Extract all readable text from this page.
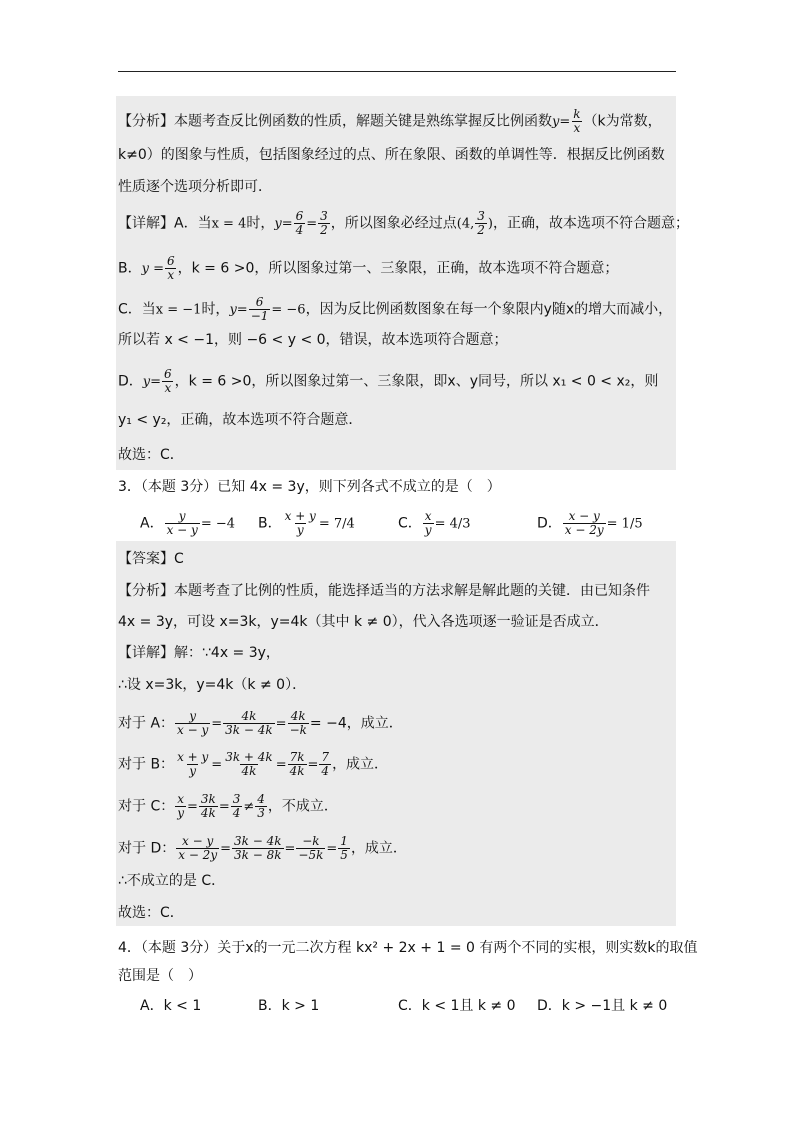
【分析】本题考查反比例函数的性质，解题关键是熟练掌握反比例函数$y= \frac{k}{x} (k$为常数，
k≠0）的图象与性质，包括图象经过的点、所在象限、函数的单调性等．根据反比例函数
性质逐个选项分析即可．
【详解】A．当x = 4时，$y= \frac{6}{4} = \frac{3}{2}$ ，所以图象必经过点(4, $\frac{3}{2}$ )，正确，故本选项不符合题意；
B．$y = \frac{6}{x}$ ，k = 6 >0，所以图象过第一、三象限，正确，故本选项不符合题意；
C．当x = −1时，$y= \frac{6}{-1} = -6$，因为反比例函数图象在每一个象限内y随x的增大而减小，
所以若 x < −1，则 −6 < y < 0，错误，故本选项符合题意；
D．$y= \frac{6}{x}$ ，k = 6 >0，所以图象过第一、三象限，即x、y同号，所以 x₁ < 0 < x₂，则
y₁ < y₂，正确，故本选项不符合题意．
故选：C．
3．（本题 3分）已知 4x = 3y，则下列各式不成立的是（　）
A． $\frac{y}{x - y} = -4$ B． $\frac{x + y}{y} = 7/4$	C． $\frac{x}{y} = 4/3$	D． $\frac{x - y}{x - 2y} = 1/5$
【答案】C
【分析】本题考查了比例的性质，能选择适当的方法求解是解此题的关键．由已知条件
4x = 3y，可设 x=3k，y=4k（其中 k ≠ 0），代入各选项逐一验证是否成立．
【详解】解：∵4x = 3y，
∴设 x=3k，y=4k（k ≠ 0）．
对于 A： $\frac{y}{x - y} = \frac{4k}{3k - 4k} = \frac{4k}{-k} = -4$，成立．
对于 B： $\frac{x + y}{y} = \frac{3k + 4k}{4k} = \frac{7k}{4k} = \frac{7}{4}$ ，成立．
对于 C： $\frac{x}{y} = \frac{3k}{4k} = \frac{3}{4} \ne \frac{4}{3}$ ，不成立．
对于 D： $\frac{x - y}{x - 2y} = \frac{3k - 4k}{3k - 8k} = \frac{-k}{-5k} = \frac{1}{5}$ ，成立．
∴不成立的是 C．
故选：C．
4．（本题 3分）关于x的一元二次方程 kx² + 2x + 1 = 0 有两个不同的实根，则实数k的取值
范围是（　）
A．k < 1	B．k > 1	C．k < 1且 k ≠ 0 D．k > −1且 k ≠ 0
